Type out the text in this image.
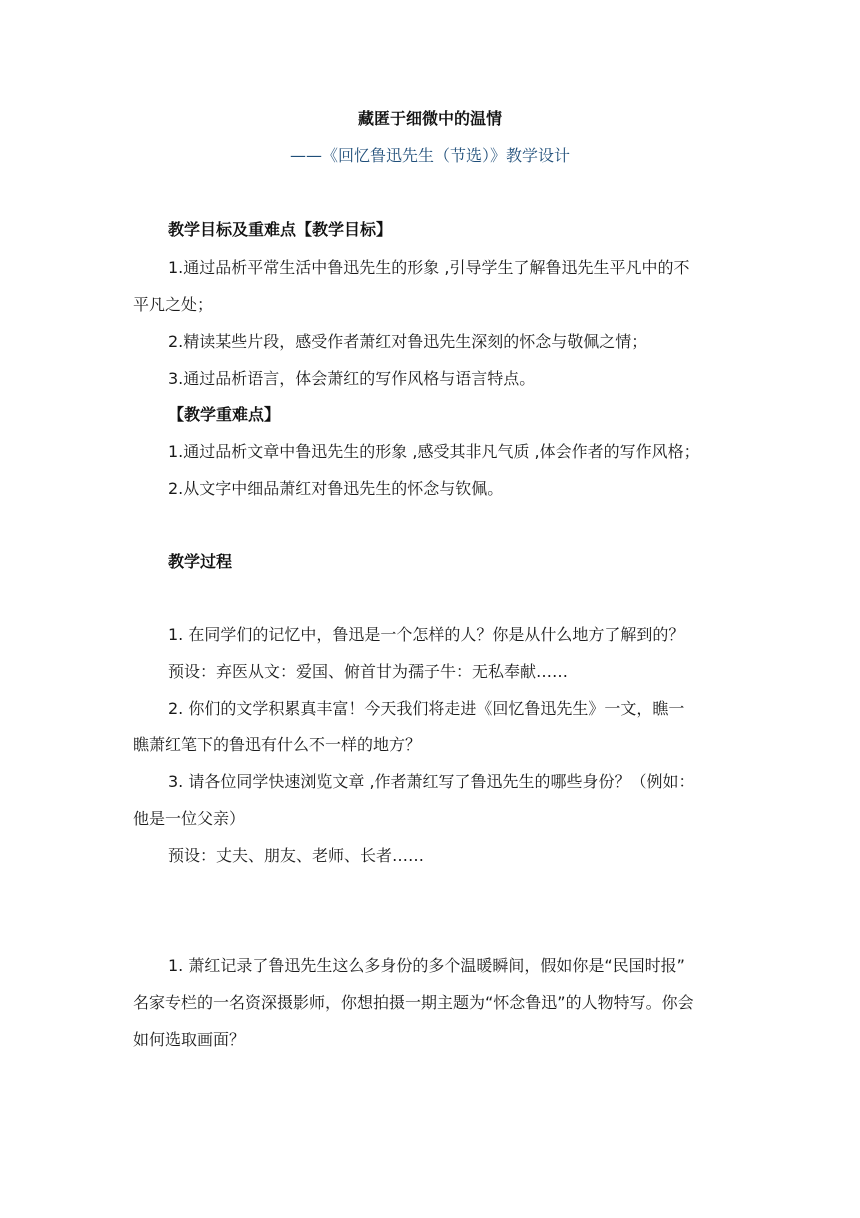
藏匿于细微中的温情
——《回忆鲁迅先生（节选）》教学设计
教学目标及重难点【教学目标】
1.通过品析平常生活中鲁迅先生的形象 ,引导学生了解鲁迅先生平凡中的不
平凡之处；
2.精读某些片段，感受作者萧红对鲁迅先生深刻的怀念与敬佩之情；
3.通过品析语言，体会萧红的写作风格与语言特点。
【教学重难点】
1.通过品析文章中鲁迅先生的形象 ,感受其非凡气质 ,体会作者的写作风格；
2.从文字中细品萧红对鲁迅先生的怀念与钦佩。
教学过程
1. 在同学们的记忆中，鲁迅是一个怎样的人？你是从什么地方了解到的？
预设：弃医从文：爱国、俯首甘为孺子牛：无私奉献……
2. 你们的文学积累真丰富！今天我们将走进《回忆鲁迅先生》一文，瞧一
瞧萧红笔下的鲁迅有什么不一样的地方？
3. 请各位同学快速浏览文章 ,作者萧红写了鲁迅先生的哪些身份？（例如：
他是一位父亲）
预设：丈夫、朋友、老师、长者……
1. 萧红记录了鲁迅先生这么多身份的多个温暖瞬间，假如你是“民国时报”
名家专栏的一名资深摄影师，你想拍摄一期主题为“怀念鲁迅”的人物特写。你会
如何选取画面？
